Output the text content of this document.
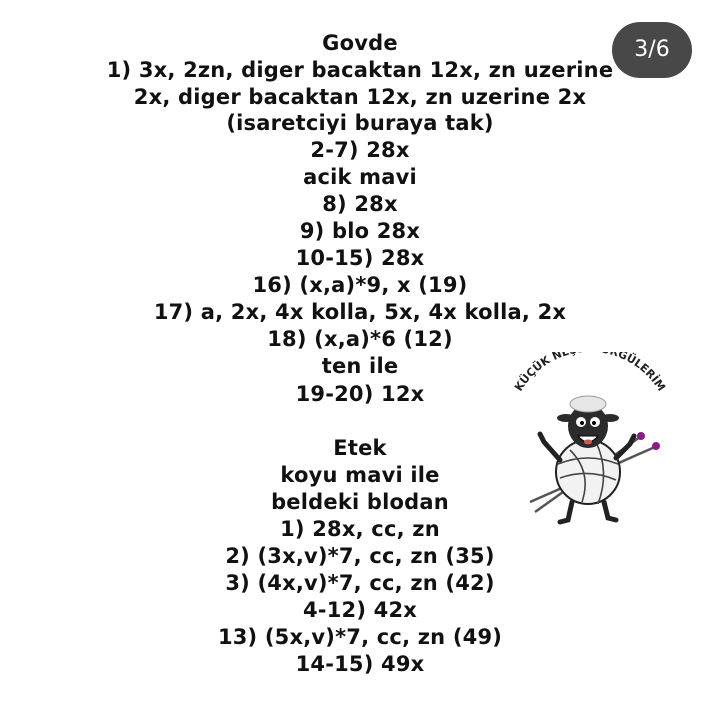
Govde
1) 3x, 2zn, diger bacaktan 12x, zn uzerine
2x, diger bacaktan 12x, zn uzerine 2x
(isaretciyi buraya tak)
2-7) 28x
acik mavi
8) 28x
9) blo 28x
10-15) 28x
16) (x,a)*9, x (19)
17) a, 2x, 4x kolla, 5x, 4x kolla, 2x
18) (x,a)*6 (12)
ten ile
19-20) 12x
Etek
koyu mavi ile
beldeki blodan
1) 28x, cc, zn
2) (3x,v)*7, cc, zn (35)
3) (4x,v)*7, cc, zn (42)
4-12) 42x
13) (5x,v)*7, cc, zn (49)
14-15) 49x
3/6
KÜÇÜK NE GÜLERİM
